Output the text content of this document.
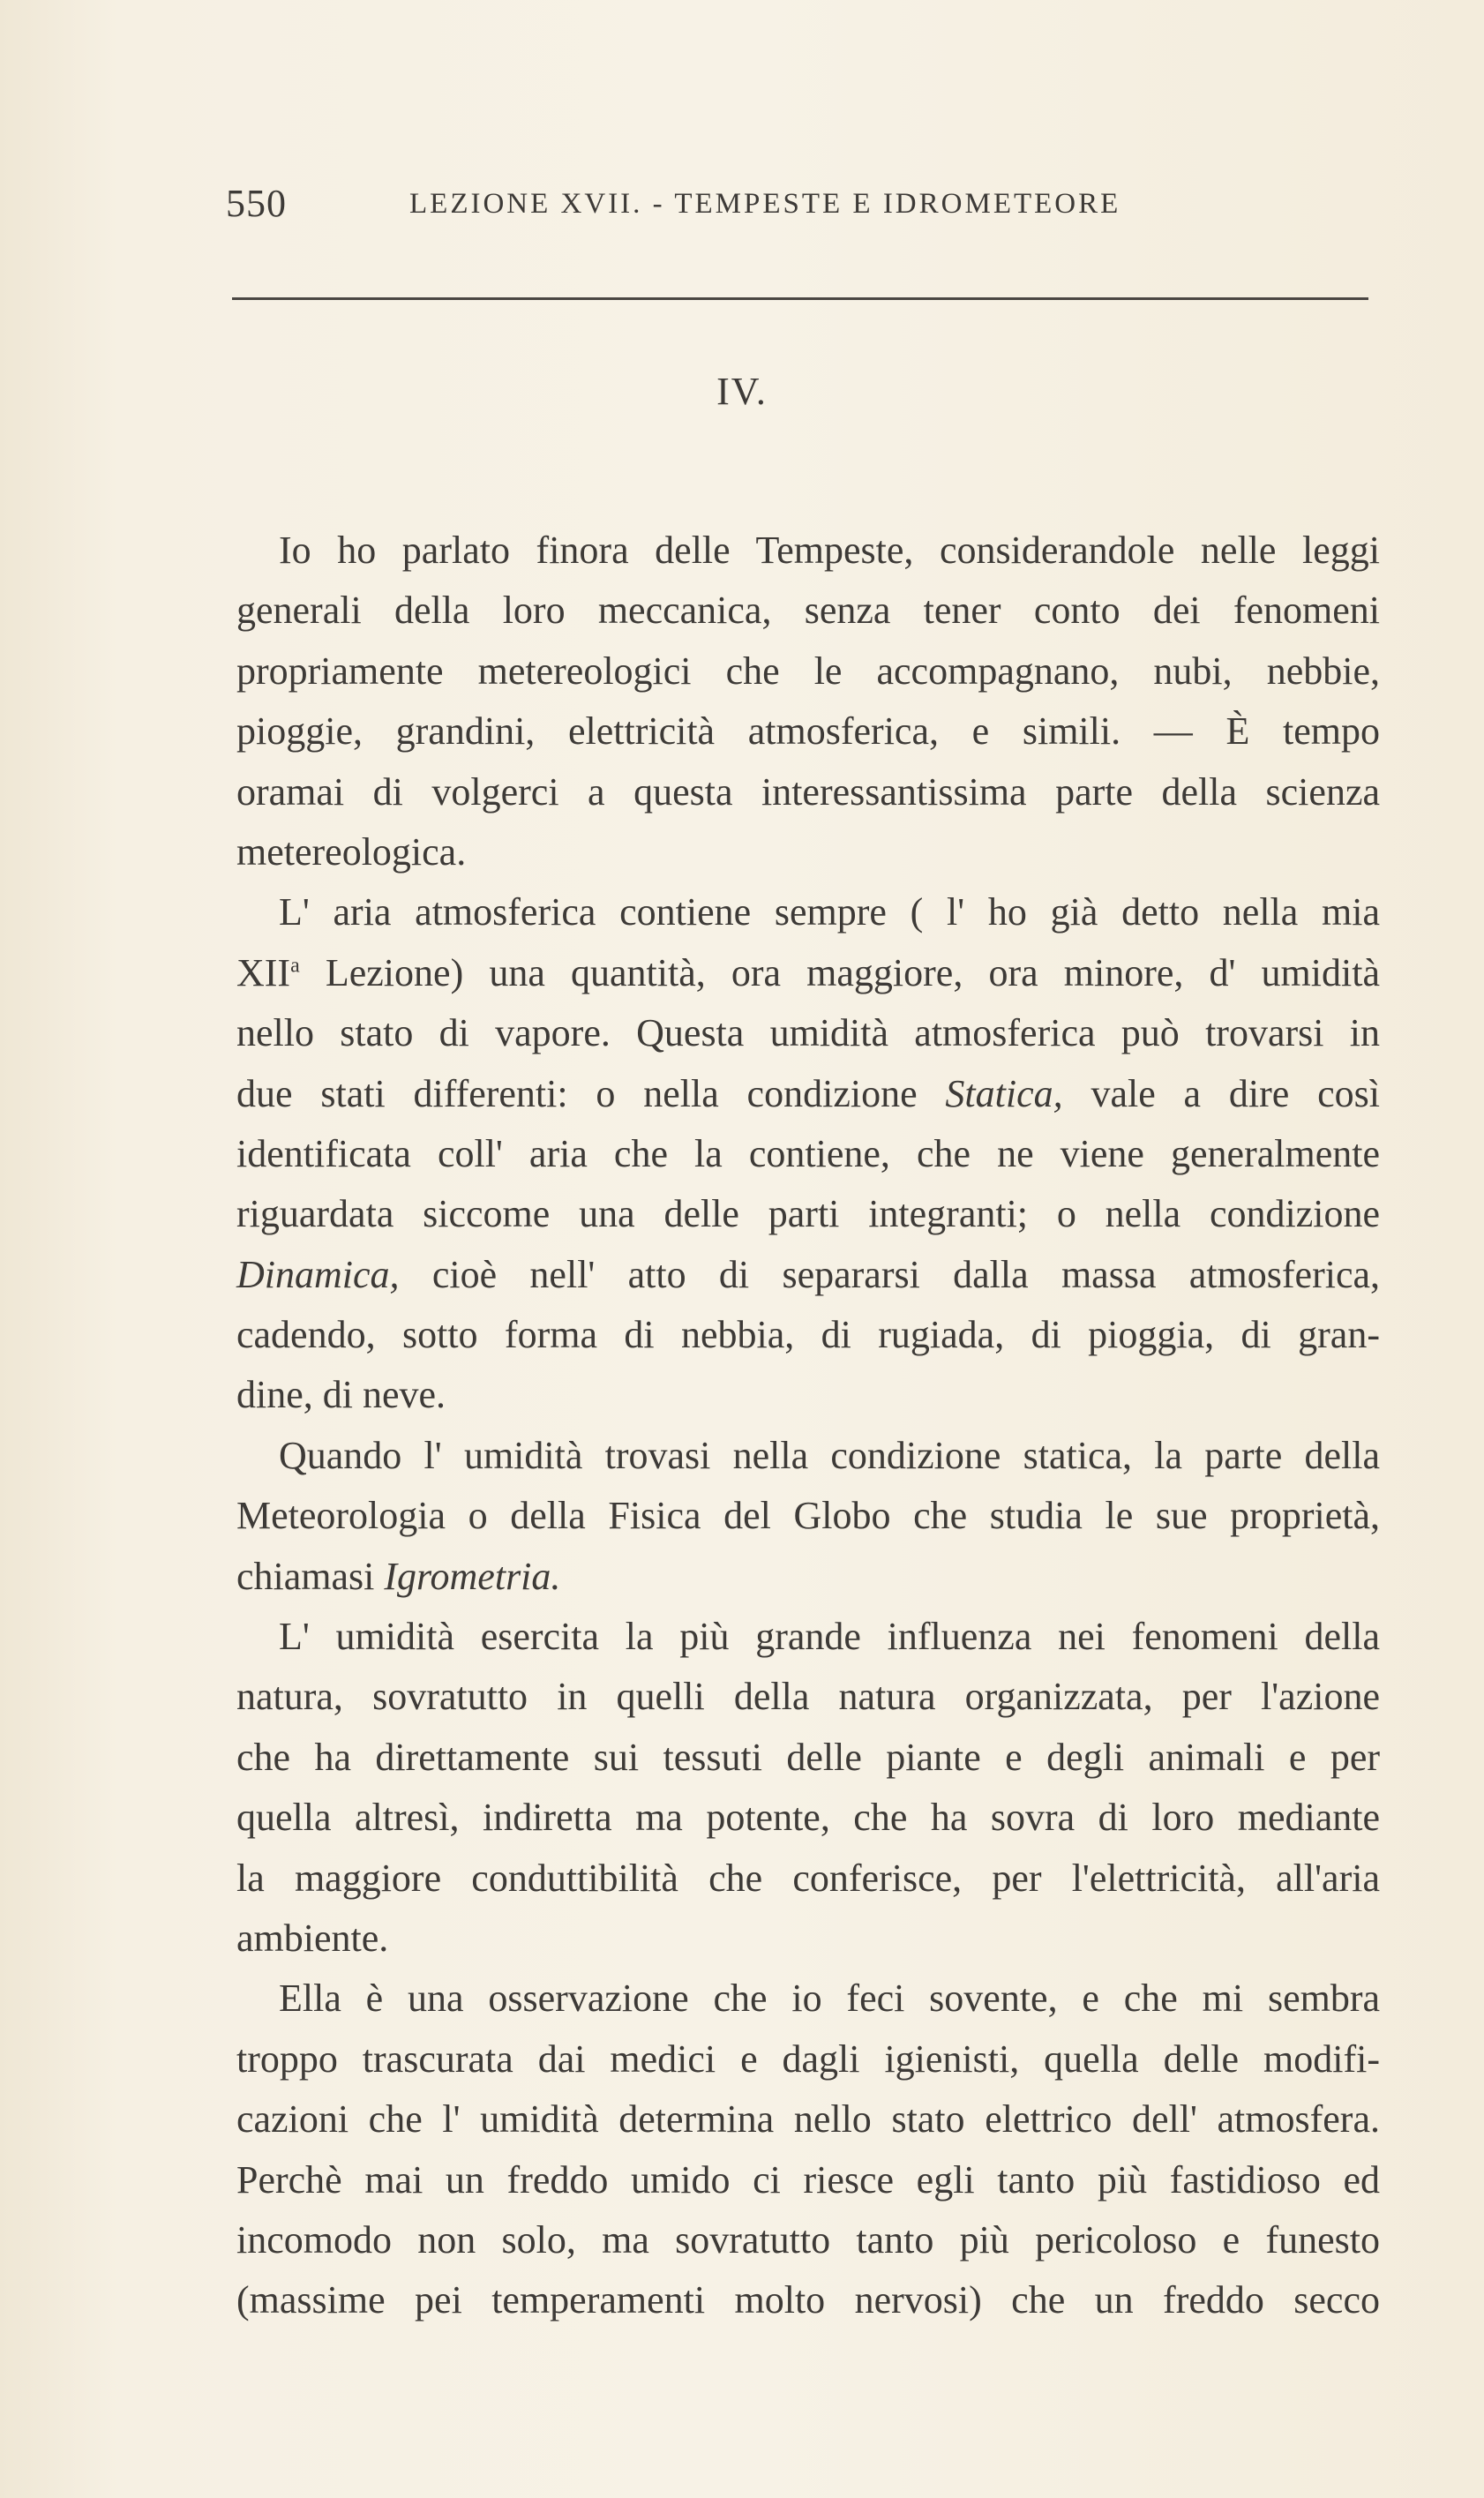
550	LEZIONE XVII. - TEMPESTE E IDROMETEORE
IV.
Io ho parlato finora delle Tempeste, considerandole nelle leggi
generali della loro meccanica, senza tener conto dei fenomeni
propriamente metereologici che le accompagnano, nubi, nebbie,
pioggie, grandini, elettricità atmosferica, e simili. — È tempo
oramai di volgerci a questa interessantissima parte della scienza
metereologica.
L' aria atmosferica contiene sempre ( l' ho già detto nella mia
XII$^a$ Lezione) una quantità, ora maggiore, ora minore, d' umidità
nello stato di vapore. Questa umidità atmosferica può trovarsi in
due stati differenti: o nella condizione Statica, vale a dire così
identificata coll' aria che la contiene, che ne viene generalmente
riguardata siccome una delle parti integranti; o nella condizione
Dinamica, cioè nell' atto di separarsi dalla massa atmosferica,
cadendo, sotto forma di nebbia, di rugiada, di pioggia, di gran-
dine, di neve.
Quando l' umidità trovasi nella condizione statica, la parte della
Meteorologia o della Fisica del Globo che studia le sue proprietà,
chiamasi Igrometria.
L' umidità esercita la più grande influenza nei fenomeni della
natura, sovratutto in quelli della natura organizzata, per l'azione
che ha direttamente sui tessuti delle piante e degli animali e per
quella altresì, indiretta ma potente, che ha sovra di loro mediante
la maggiore conduttibilità che conferisce, per l'elettricità, all'aria
ambiente.
Ella è una osservazione che io feci sovente, e che mi sembra
troppo trascurata dai medici e dagli igienisti, quella delle modifi-
cazioni che l' umidità determina nello stato elettrico dell' atmosfera.
Perchè mai un freddo umido ci riesce egli tanto più fastidioso ed
incomodo non solo, ma sovratutto tanto più pericoloso e funesto
(massime pei temperamenti molto nervosi) che un freddo secco
